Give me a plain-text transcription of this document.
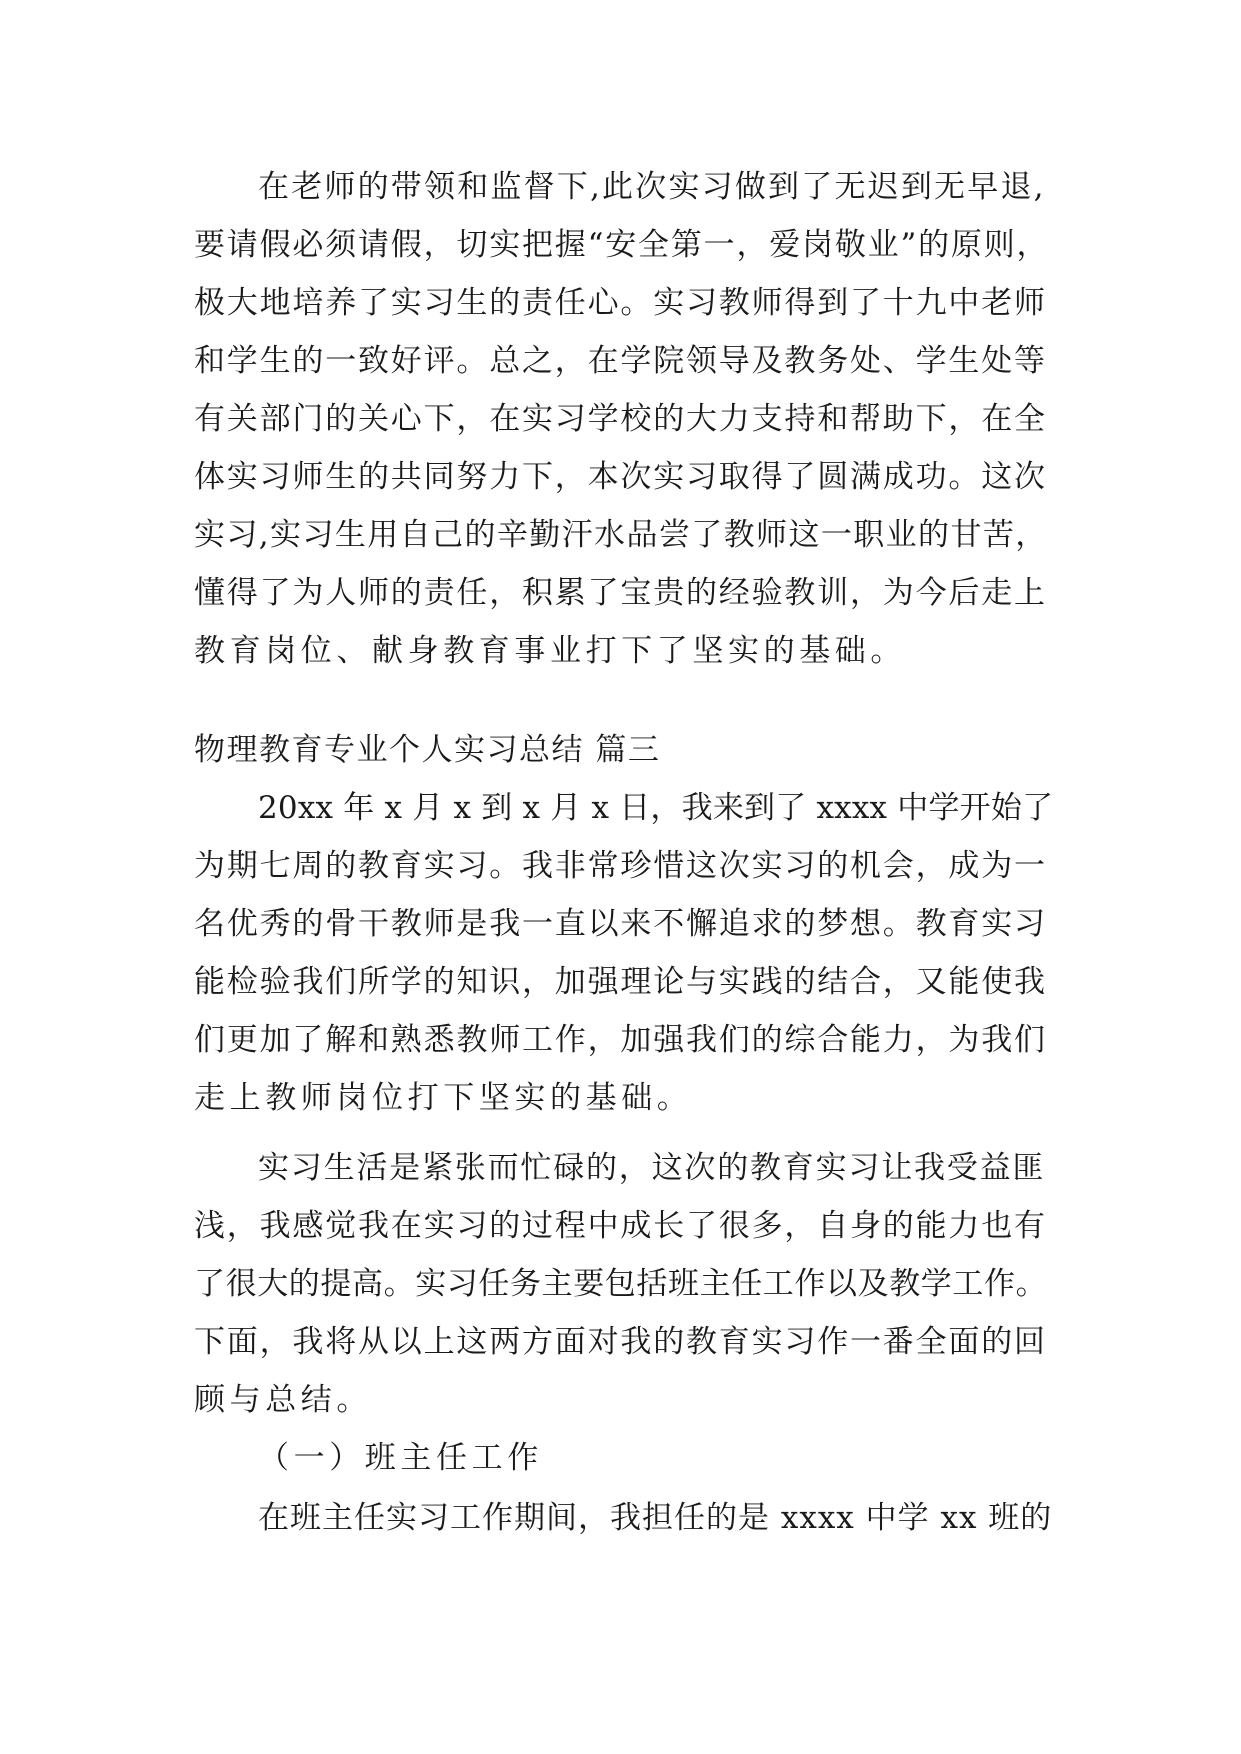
在老师的带领和监督下,此次实习做到了无迟到无早退,
要请假必须请假，切实把握“安全第一，爱岗敬业”的原则，
极大地培养了实习生的责任心。实习教师得到了十九中老师
和学生的一致好评。总之，在学院领导及教务处、学生处等
有关部门的关心下，在实习学校的大力支持和帮助下，在全
体实习师生的共同努力下，本次实习取得了圆满成功。这次
实习,实习生用自己的辛勤汗水品尝了教师这一职业的甘苦，
懂得了为人师的责任，积累了宝贵的经验教训，为今后走上
教育岗位、献身教育事业打下了坚实的基础。
物理教育专业个人实习总结 篇三
20xx 年 x 月 x 到 x 月 x 日，我来到了 xxxx 中学开始了
为期七周的教育实习。我非常珍惜这次实习的机会，成为一
名优秀的骨干教师是我一直以来不懈追求的梦想。教育实习
能检验我们所学的知识，加强理论与实践的结合，又能使我
们更加了解和熟悉教师工作，加强我们的综合能力，为我们
走上教师岗位打下坚实的基础。
实习生活是紧张而忙碌的，这次的教育实习让我受益匪
浅，我感觉我在实习的过程中成长了很多，自身的能力也有
了很大的提高。实习任务主要包括班主任工作以及教学工作。
下面，我将从以上这两方面对我的教育实习作一番全面的回
顾与总结。
（一）班主任工作
在班主任实习工作期间，我担任的是 xxxx 中学 xx 班的
